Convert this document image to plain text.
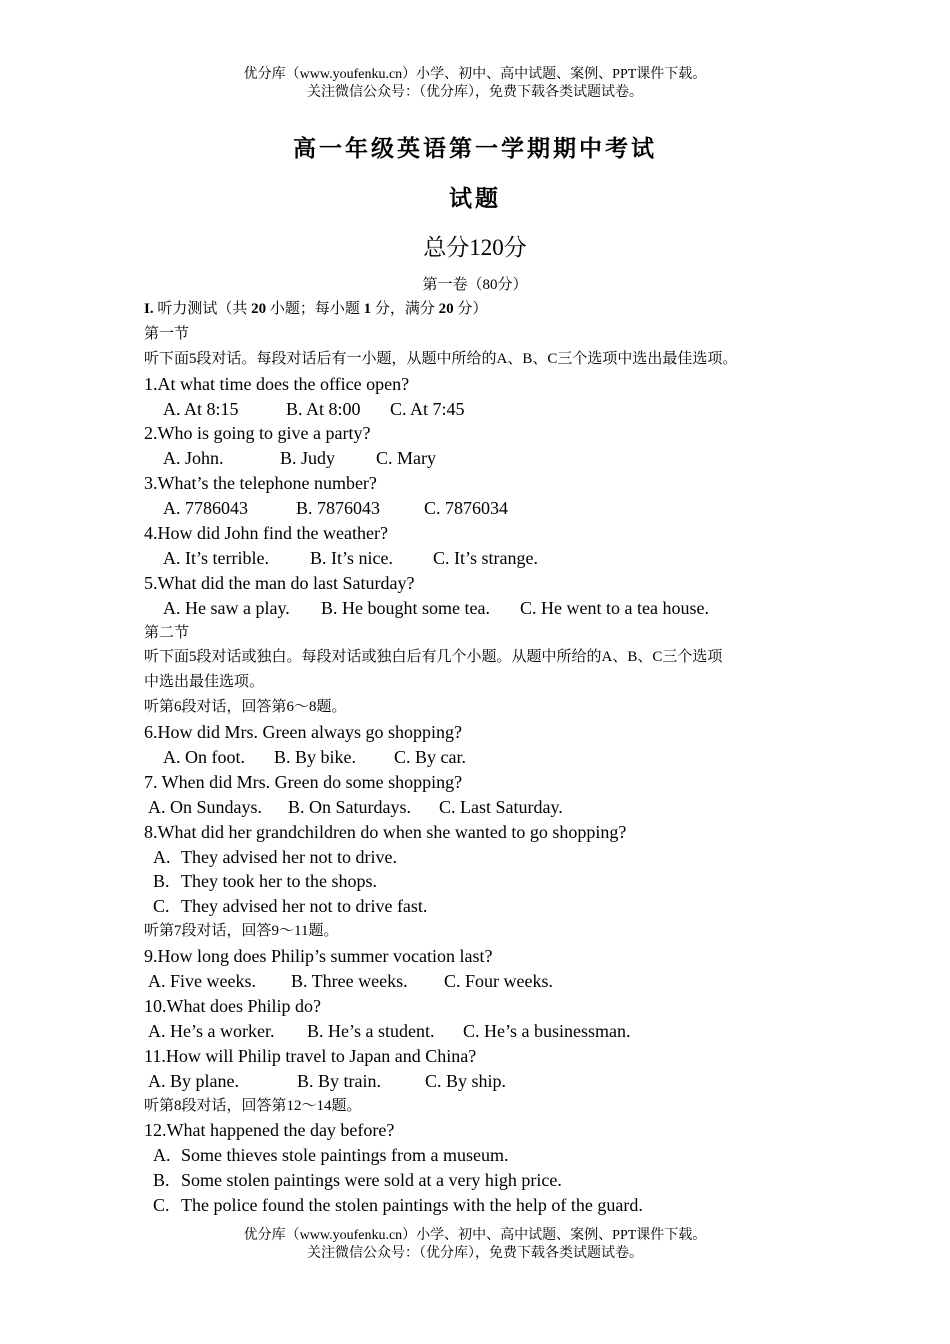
优分库（www.youfenku.cn）小学、初中、高中试题、案例、PPT课件下载。
关注微信公众号：（优分库），免费下载各类试题试卷。
高一年级英语第一学期期中考试
试题
总分120分
第一卷（80分）
I. 听力测试（共 20 小题；每小题 1 分，满分 20 分）
第一节
听下面5段对话。每段对话后有一小题，从题中所给的A、B、C三个选项中选出最佳选项。
1.At what time does the office open?
A. At 8:15	B. At 8:00 C. At 7:45
2.Who is going to give a party?
A. John.	B. Judy C. Mary
3.What’s the telephone number?
A. 7786043	B. 7876043 C. 7876034
4.How did John find the weather?
A. It’s terrible. B. It’s nice. C. It’s strange.
5.What did the man do last Saturday?
A. He saw a play. B. He bought some tea. C. He went to a tea house.
第二节
听下面5段对话或独白。每段对话或独白后有几个小题。从题中所给的A、B、C三个选项
中选出最佳选项。
听第6段对话，回答第6～8题。
6.How did Mrs. Green always go shopping?
A. On foot. B. By bike. C. By car.
7. When did Mrs. Green do some shopping?
A. On Sundays. B. On Saturdays. C. Last Saturday.
8.What did her grandchildren do when she wanted to go shopping?
A. They advised her not to drive.
B. They took her to the shops.
C. They advised her not to drive fast.
听第7段对话，回答9～11题。
9.How long does Philip’s summer vocation last?
A. Five weeks. B. Three weeks. C. Four weeks.
10.What does Philip do?
A. He’s a worker. B. He’s a student. C. He’s a businessman.
11.How will Philip travel to Japan and China?
A. By plane.	B. By train. C. By ship.
听第8段对话，回答第12～14题。
12.What happened the day before?
A. Some thieves stole paintings from a museum.
B. Some stolen paintings were sold at a very high price.
C. The police found the stolen paintings with the help of the guard.
优分库（www.youfenku.cn）小学、初中、高中试题、案例、PPT课件下载。
关注微信公众号：（优分库），免费下载各类试题试卷。
